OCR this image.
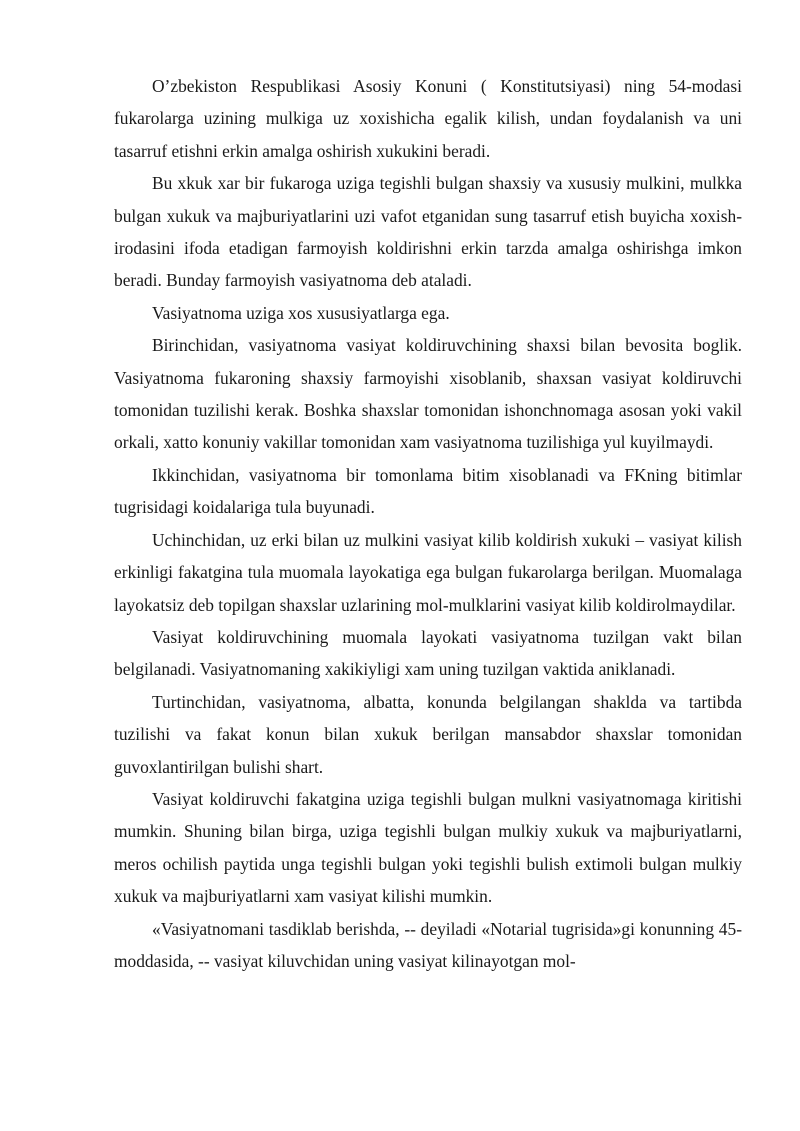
O’zbekiston Respublikasi Asosiy Konuni ( Konstitutsiyasi) ning 54-modasi fukarolarga uzining mulkiga uz xoxishicha egalik kilish, undan foydalanish va uni tasarruf etishni erkin amalga oshirish xukukini beradi.

Bu xkuk xar bir fukaroga uziga tegishli bulgan shaxsiy va xususiy mulkini, mulkka bulgan xukuk va majburiyatlarini uzi vafot etganidan sung tasarruf etish buyicha xoxish-irodasini ifoda etadigan farmoyish koldirishni erkin tarzda amalga oshirishga imkon beradi. Bunday farmoyish vasiyatnoma deb ataladi.

Vasiyatnoma uziga xos xususiyatlarga ega.

Birinchidan, vasiyatnoma vasiyat koldiruvchining shaxsi bilan bevosita boglik. Vasiyatnoma fukaroning shaxsiy farmoyishi xisoblanib, shaxsan vasiyat koldiruvchi tomonidan tuzilishi kerak. Boshka shaxslar tomonidan ishonchnomaga asosan yoki vakil orkali, xatto konuniy vakillar tomonidan xam vasiyatnoma tuzilishiga yul kuyilmaydi.

Ikkinchidan, vasiyatnoma bir tomonlama bitim xisoblanadi va FKning bitimlar tugrisidagi koidalariga tula buyunadi.

Uchinchidan, uz erki bilan uz mulkini vasiyat kilib koldirish xukuki – vasiyat kilish erkinligi fakatgina tula muomala layokatiga ega bulgan fukarolarga berilgan. Muomalaga layokatsiz deb topilgan shaxslar uzlarining mol-mulklarini vasiyat kilib koldirolmaydilar.

Vasiyat koldiruvchining muomala layokati vasiyatnoma tuzilgan vakt bilan belgilanadi. Vasiyatnomaning xakikiyligi xam uning tuzilgan vaktida aniklanadi.

Turtinchidan, vasiyatnoma, albatta, konunda belgilangan shaklda va tartibda tuzilishi va fakat konun bilan xukuk berilgan mansabdor shaxslar tomonidan guvoxlantirilgan bulishi shart.

Vasiyat koldiruvchi fakatgina uziga tegishli bulgan mulkni vasiyatnomaga kiritishi mumkin. Shuning bilan birga, uziga tegishli bulgan mulkiy xukuk va majburiyatlarni, meros ochilish paytida unga tegishli bulgan yoki tegishli bulish extimoli bulgan mulkiy xukuk va majburiyatlarni xam vasiyat kilishi mumkin.

«Vasiyatnomani tasdiklab berishda, -- deyiladi «Notarial tugrisida»gi konunning 45-moddasida, -- vasiyat kiluvchidan uning vasiyat kilinayotgan mol-
